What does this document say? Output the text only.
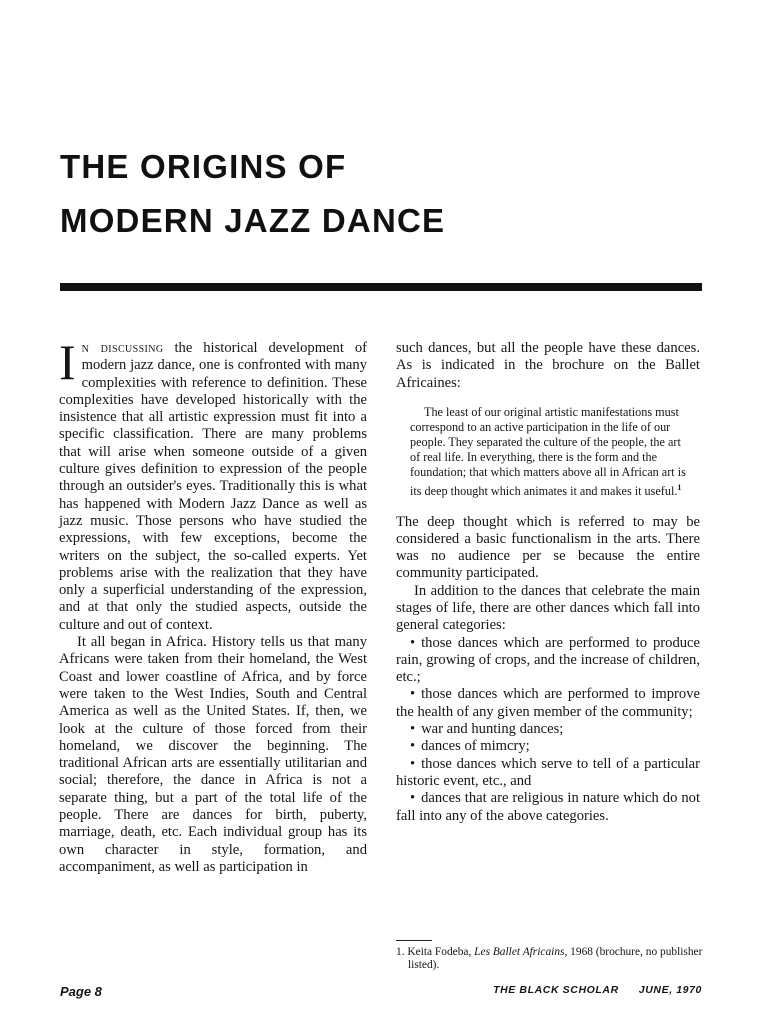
THE ORIGINS OF
MODERN JAZZ DANCE

In discussing the historical development of modern jazz dance, one is confronted with many complexities with reference to definition. These complexities have developed historically with the insistence that all artistic expression must fit into a specific classification. There are many problems that will arise when someone outside of a given culture gives definition to expression of the people through an outsider's eyes. Traditionally this is what has happened with Modern Jazz Dance as well as jazz music. Those persons who have studied the expressions, with few exceptions, become the writers on the subject, the so-called experts. Yet problems arise with the realization that they have only a superficial understanding of the expression, and at that only the studied aspects, outside the culture and out of context.

It all began in Africa. History tells us that many Africans were taken from their homeland, the West Coast and lower coastline of Africa, and by force were taken to the West Indies, South and Central America as well as the United States. If, then, we look at the culture of those forced from their homeland, we discover the beginning. The traditional African arts are essentially utilitarian and social; therefore, the dance in Africa is not a separate thing, but a part of the total life of the people. There are dances for birth, puberty, marriage, death, etc. Each individual group has its own character in style, formation, and accompaniment, as well as participation in

such dances, but all the people have these dances. As is indicated in the brochure on the Ballet Africaines:

The least of our original artistic manifestations must correspond to an active participation in the life of our people. They separated the culture of the people, the art of real life. In everything, there is the form and the foundation; that which matters above all in African art is its deep thought which animates it and makes it useful.$^1$

The deep thought which is referred to may be considered a basic functionalism in the arts. There was no audience per se because the entire community participated.

In addition to the dances that celebrate the main stages of life, there are other dances which fall into general categories:

• those dances which are performed to produce rain, growing of crops, and the increase of children, etc.;
• those dances which are performed to improve the health of any given member of the community;
• war and hunting dances;
• dances of mimcry;
• those dances which serve to tell of a particular historic event, etc., and
• dances that are religious in nature which do not fall into any of the above categories.
1. Keita Fodeba, Les Ballet Africains, 1968 (brochure, no publisher listed).
Page 8	THE BLACK SCHOLAR JUNE, 1970
